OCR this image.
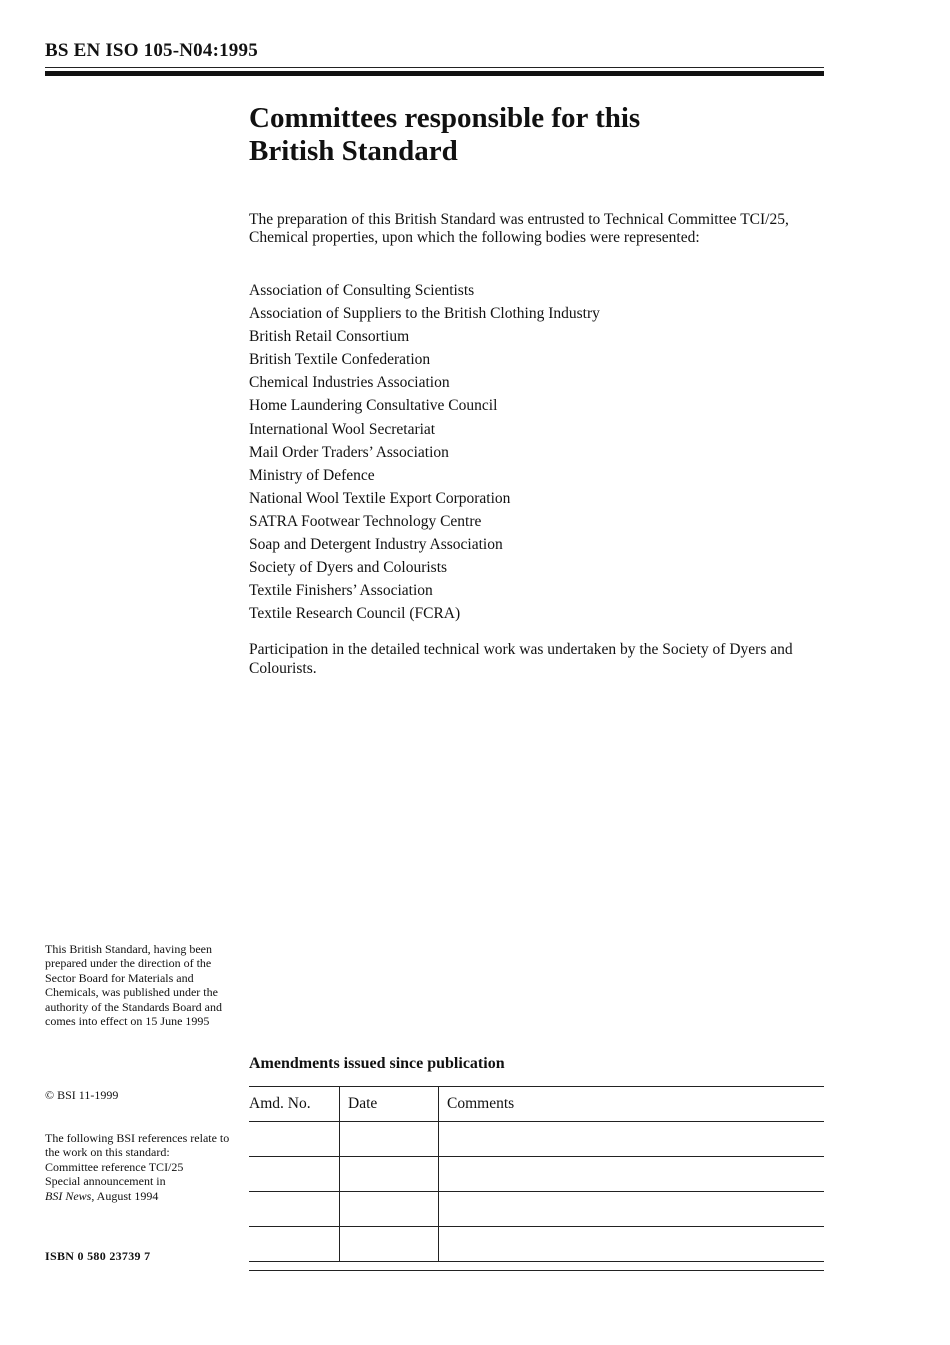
BS EN ISO 105-N04:1995
Committees responsible for this
British Standard

The preparation of this British Standard was entrusted to Technical Committee TCI/25, Chemical properties, upon which the following bodies were represented:

Association of Consulting Scientists
Association of Suppliers to the British Clothing Industry
British Retail Consortium
British Textile Confederation
Chemical Industries Association
Home Laundering Consultative Council
International Wool Secretariat
Mail Order Traders’ Association
Ministry of Defence
National Wool Textile Export Corporation
SATRA Footwear Technology Centre
Soap and Detergent Industry Association
Society of Dyers and Colourists
Textile Finishers’ Association
Textile Research Council (FCRA)

Participation in the detailed technical work was undertaken by the Society of Dyers and Colourists.

This British Standard, having been prepared under the direction of the Sector Board for Materials and Chemicals, was published under the authority of the Standards Board and comes into effect on 15 June 1995

© BSI 11-1999

The following BSI references relate to the work on this standard:
Committee reference TCI/25
Special announcement in
BSI News, August 1994

ISBN 0 580 23739 7

Amendments issued since publication
Amd. No.	Date	Comments
